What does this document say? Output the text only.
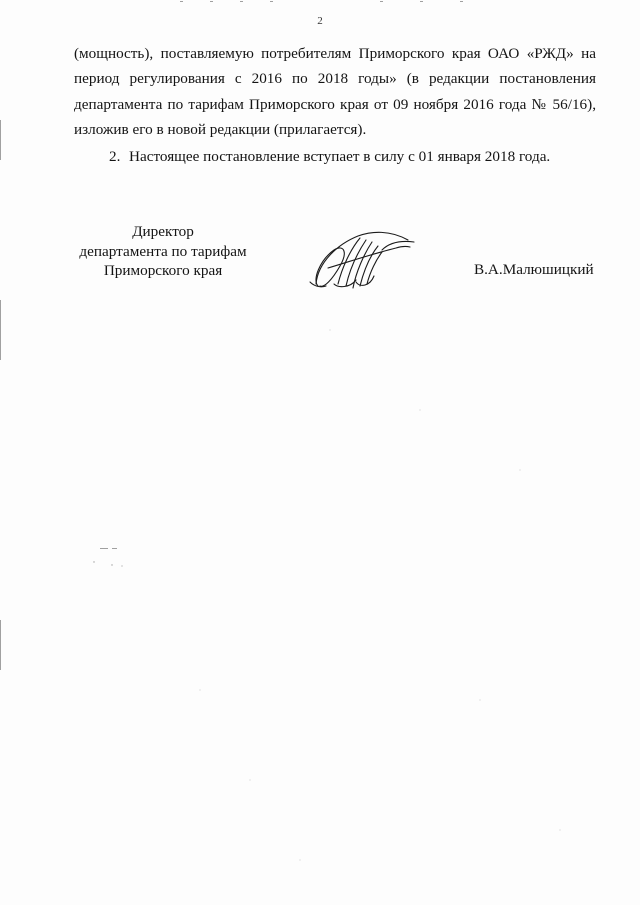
2

(мощность), поставляемую потребителям Приморского края ОАО «РЖД» на
период регулирования с 2016 по 2018 годы» (в редакции постановления
департамента по тарифам Приморского края от 09 ноября 2016 года № 56/16),
изложив его в новой редакции (прилагается).

2. Настоящее постановление вступает в силу с 01 января 2018 года.

Директор
департамента по тарифам
Приморского края	В.А.Малюшицкий
